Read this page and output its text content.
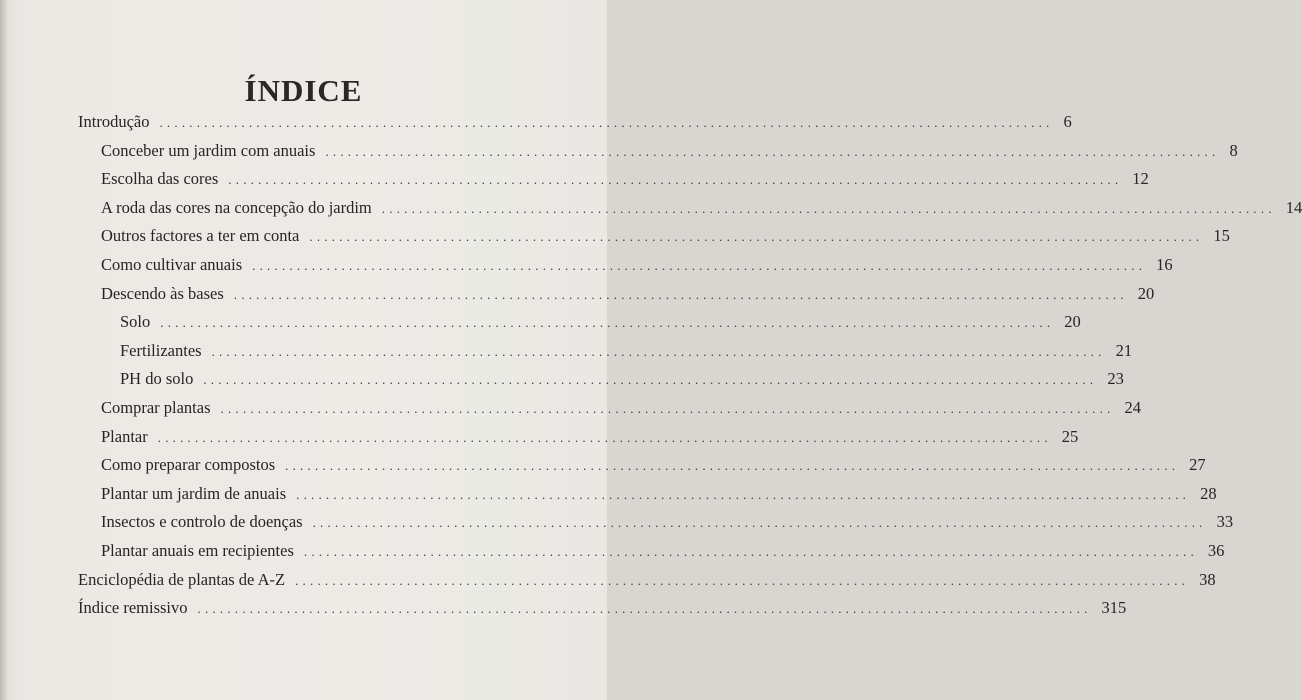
ÍNDICE
Introdução ........................................................................................................................ 6
Conceber um jardim com anuais ........................................................................................................................ 8
Escolha das cores ........................................................................................................................ 12
A roda das cores na concepção do jardim ........................................................................................................................ 14
Outros factores a ter em conta ........................................................................................................................ 15
Como cultivar anuais ........................................................................................................................ 16
Descendo às bases ........................................................................................................................ 20
Solo ........................................................................................................................ 20
Fertilizantes ........................................................................................................................ 21
PH do solo ........................................................................................................................ 23
Comprar plantas ........................................................................................................................ 24
Plantar ........................................................................................................................ 25
Como preparar compostos ........................................................................................................................ 27
Plantar um jardim de anuais ........................................................................................................................ 28
Insectos e controlo de doenças ........................................................................................................................ 33
Plantar anuais em recipientes ........................................................................................................................ 36
Enciclopédia de plantas de A-Z ........................................................................................................................ 38
Índice remissivo ........................................................................................................................ 315
